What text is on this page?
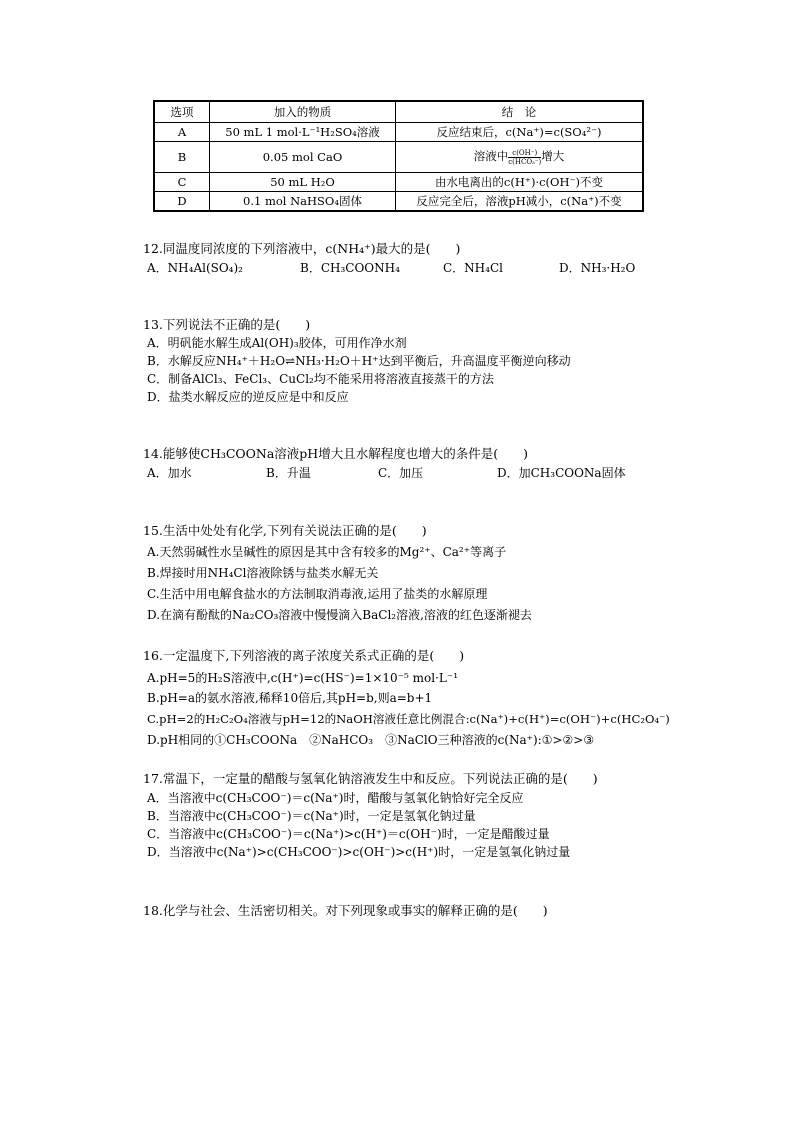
选项	加入的物质	结　论
A	50 mL 1 mol·L⁻¹H₂SO₄溶液	反应结束后，c(Na⁺)=c(SO₄²⁻)
B	0.05 mol CaO	溶液中 $\frac{c(OH^-)}{\text{c(HCO₃⁻)}}$ 增大
C	50 mL H₂O	由水电离出的c(H⁺)·c(OH⁻)不变
D	0.1 mol NaHSO₄固体	反应完全后，溶液pH减小，c(Na⁺)不变
12.同温度同浓度的下列溶液中，c(NH₄⁺)最大的是(　　)
A．NH₄Al(SO₄)₂	B．CH₃COONH₄	C．NH₄Cl	D．NH₃·H₂O
13.下列说法不正确的是(　　)
A．明矾能水解生成Al(OH)₃胶体，可用作净水剂
B．水解反应NH₄⁺＋H₂O⇌NH₃·H₂O＋H⁺达到平衡后，升高温度平衡逆向移动
C．制备AlCl₃、FeCl₃、CuCl₂均不能采用将溶液直接蒸干的方法
D．盐类水解反应的逆反应是中和反应
14.能够使CH₃COONa溶液pH增大且水解程度也增大的条件是(　　)
A．加水	B．升温	C．加压	D．加CH₃COONa固体
15.生活中处处有化学,下列有关说法正确的是(　　)
A.天然弱碱性水呈碱性的原因是其中含有较多的Mg²⁺、Ca²⁺等离子
B.焊接时用NH₄Cl溶液除锈与盐类水解无关
C.生活中用电解食盐水的方法制取消毒液,运用了盐类的水解原理
D.在滴有酚酞的Na₂CO₃溶液中慢慢滴入BaCl₂溶液,溶液的红色逐渐褪去
16.一定温度下,下列溶液的离子浓度关系式正确的是(　　)
A.pH=5的H₂S溶液中,c(H⁺)=c(HS⁻)=1×10⁻⁵ mol·L⁻¹
B.pH=a的氨水溶液,稀释10倍后,其pH=b,则a=b+1
C.pH=2的H₂C₂O₄溶液与pH=12的NaOH溶液任意比例混合:c(Na⁺)+c(H⁺)=c(OH⁻)+c(HC₂O₄⁻)
D.pH相同的①CH₃COONa　②NaHCO₃　③NaClO三种溶液的c(Na⁺):①>②>③
17.常温下，一定量的醋酸与氢氧化钠溶液发生中和反应。下列说法正确的是(　　)
A．当溶液中c(CH₃COO⁻)＝c(Na⁺)时，醋酸与氢氧化钠恰好完全反应
B．当溶液中c(CH₃COO⁻)＝c(Na⁺)时，一定是氢氧化钠过量
C．当溶液中c(CH₃COO⁻)＝c(Na⁺)>c(H⁺)＝c(OH⁻)时，一定是醋酸过量
D．当溶液中c(Na⁺)>c(CH₃COO⁻)>c(OH⁻)>c(H⁺)时，一定是氢氧化钠过量
18.化学与社会、生活密切相关。对下列现象或事实的解释正确的是(　　)
